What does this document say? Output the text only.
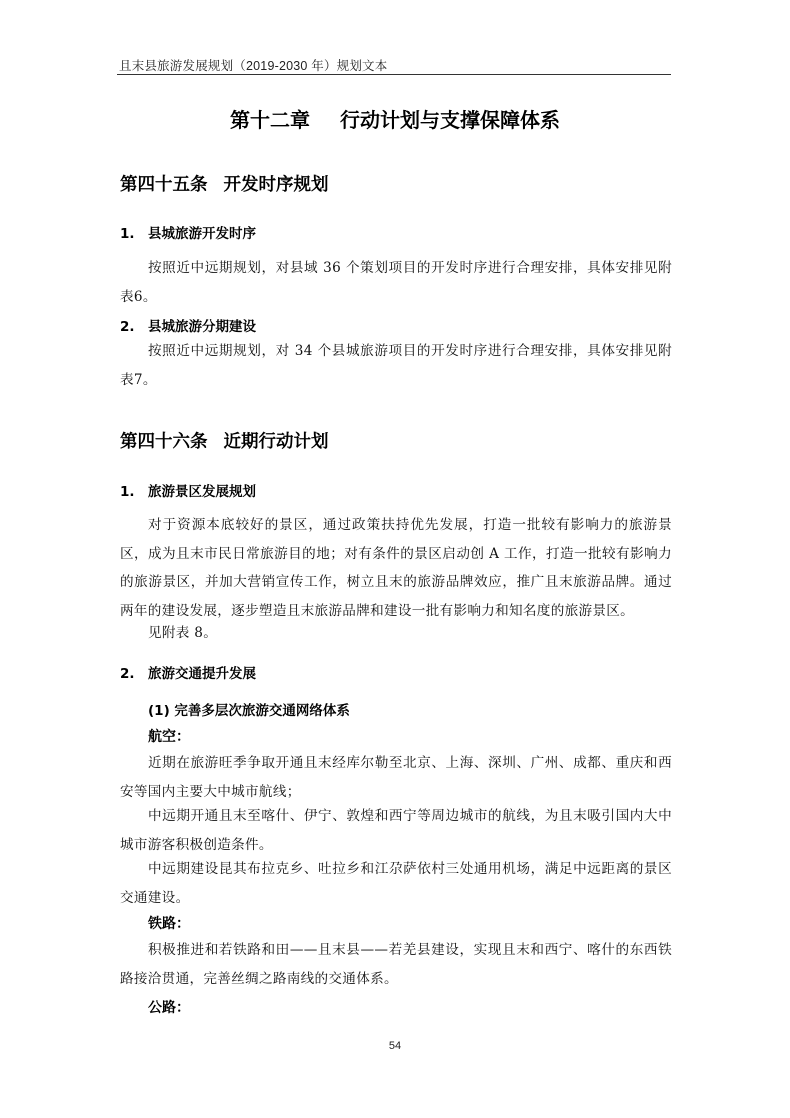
且末县旅游发展规划（2019-2030 年）规划文本
第十二章 行动计划与支撑保障体系
第四十五条 开发时序规划
1. 县城旅游开发时序
按照近中远期规划，对县域 36 个策划项目的开发时序进行合理安排，具体安排见附表6。
2. 县城旅游分期建设
按照近中远期规划，对 34 个县城旅游项目的开发时序进行合理安排，具体安排见附表7。
第四十六条 近期行动计划
1. 旅游景区发展规划
对于资源本底较好的景区，通过政策扶持优先发展，打造一批较有影响力的旅游景区，成为且末市民日常旅游目的地；对有条件的景区启动创 A 工作，打造一批较有影响力的旅游景区，并加大营销宣传工作，树立且末的旅游品牌效应，推广且末旅游品牌。通过两年的建设发展，逐步塑造且末旅游品牌和建设一批有影响力和知名度的旅游景区。
见附表 8。
2. 旅游交通提升发展
(1) 完善多层次旅游交通网络体系
航空：
近期在旅游旺季争取开通且末经库尔勒至北京、上海、深圳、广州、成都、重庆和西安等国内主要大中城市航线；
中远期开通且末至喀什、伊宁、敦煌和西宁等周边城市的航线，为且末吸引国内大中城市游客积极创造条件。
中远期建设昆其布拉克乡、吐拉乡和江尕萨依村三处通用机场，满足中远距离的景区交通建设。
铁路：
积极推进和若铁路和田——且末县——若羌县建设，实现且末和西宁、喀什的东西铁路接洽贯通，完善丝绸之路南线的交通体系。
公路：
54
